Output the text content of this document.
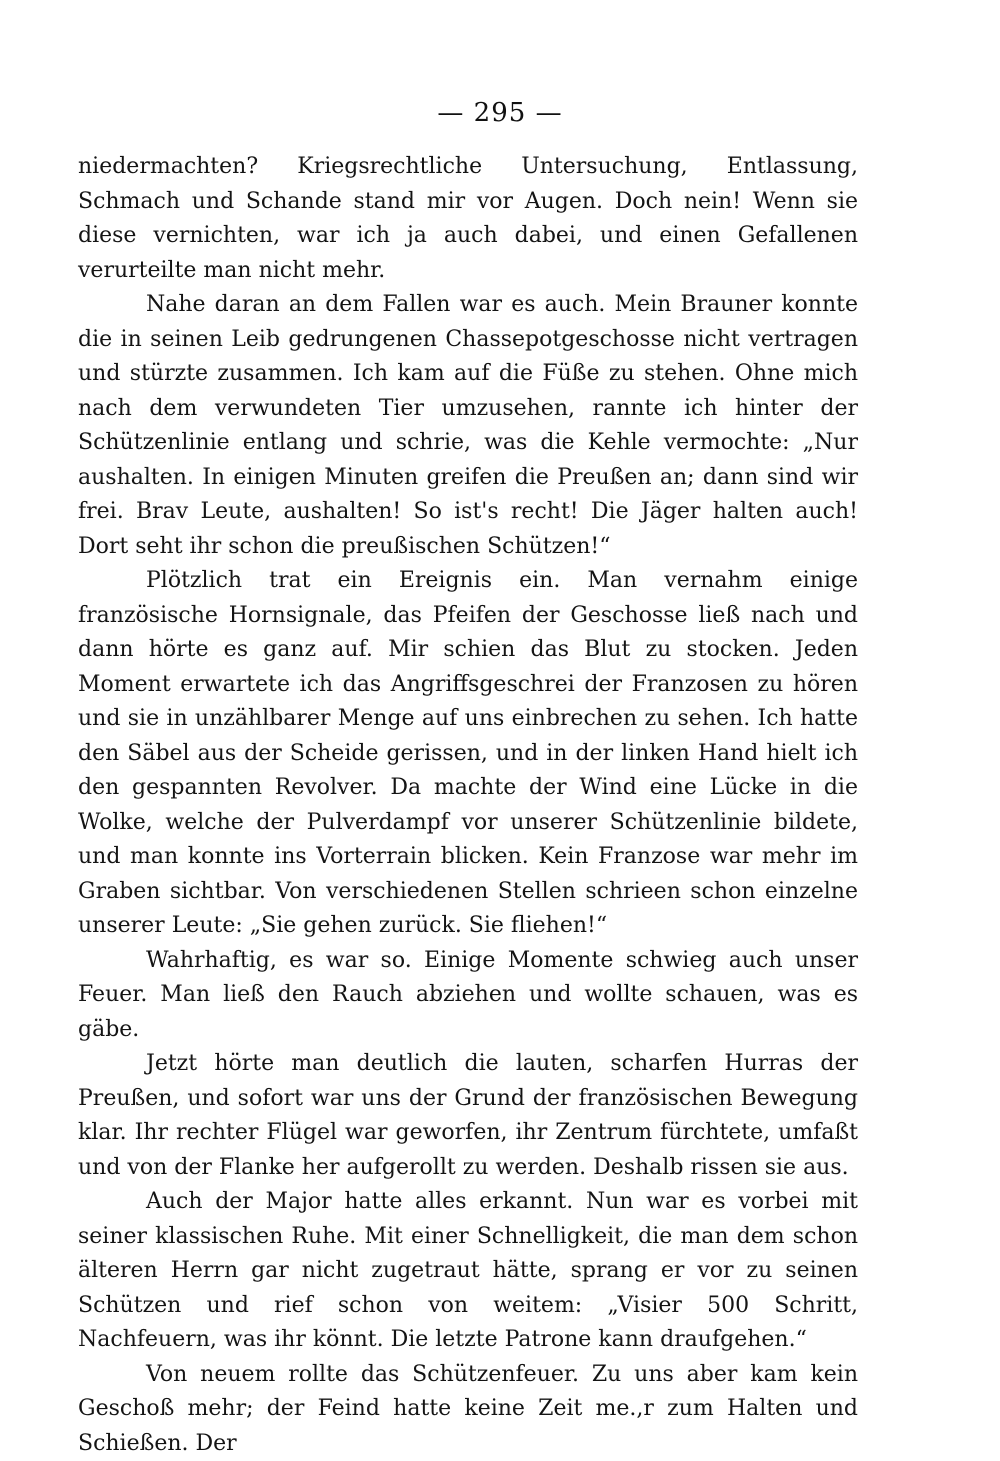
— 295 —

niedermachten? Kriegsrechtliche Untersuchung, Entlassung, Schmach und Schande stand mir vor Augen. Doch nein! Wenn sie diese vernichten, war ich ja auch dabei, und einen Gefallenen verurteilte man nicht mehr.

Nahe daran an dem Fallen war es auch. Mein Brauner konnte die in seinen Leib gedrungenen Chassepotgeschosse nicht vertragen und stürzte zusammen. Ich kam auf die Füße zu stehen. Ohne mich nach dem verwundeten Tier umzusehen, rannte ich hinter der Schützenlinie entlang und schrie, was die Kehle vermochte: „Nur aushalten. In einigen Minuten greifen die Preußen an; dann sind wir frei. Brav Leute, aushalten! So ist's recht! Die Jäger halten auch! Dort seht ihr schon die preußischen Schützen!“

Plötzlich trat ein Ereignis ein. Man vernahm einige französische Hornsignale, das Pfeifen der Geschosse ließ nach und dann hörte es ganz auf. Mir schien das Blut zu stocken. Jeden Moment erwartete ich das Angriffsgeschrei der Franzosen zu hören und sie in unzählbarer Menge auf uns einbrechen zu sehen. Ich hatte den Säbel aus der Scheide gerissen, und in der linken Hand hielt ich den gespannten Revolver. Da machte der Wind eine Lücke in die Wolke, welche der Pulverdampf vor unserer Schützenlinie bildete, und man konnte ins Vorterrain blicken. Kein Franzose war mehr im Graben sichtbar. Von verschiedenen Stellen schrieen schon einzelne unserer Leute: „Sie gehen zurück. Sie fliehen!“

Wahrhaftig, es war so. Einige Momente schwieg auch unser Feuer. Man ließ den Rauch abziehen und wollte schauen, was es gäbe.

Jetzt hörte man deutlich die lauten, scharfen Hurras der Preußen, und sofort war uns der Grund der französischen Bewegung klar. Ihr rechter Flügel war geworfen, ihr Zentrum fürchtete, umfaßt und von der Flanke her aufgerollt zu werden. Deshalb rissen sie aus.

Auch der Major hatte alles erkannt. Nun war es vorbei mit seiner klassischen Ruhe. Mit einer Schnelligkeit, die man dem schon älteren Herrn gar nicht zugetraut hätte, sprang er vor zu seinen Schützen und rief schon von weitem: „Visier 500 Schritt, Nachfeuern, was ihr könnt. Die letzte Patrone kann draufgehen.“

Von neuem rollte das Schützenfeuer. Zu uns aber kam kein Geschoß mehr; der Feind hatte keine Zeit me.,r zum Halten und Schießen. Der
